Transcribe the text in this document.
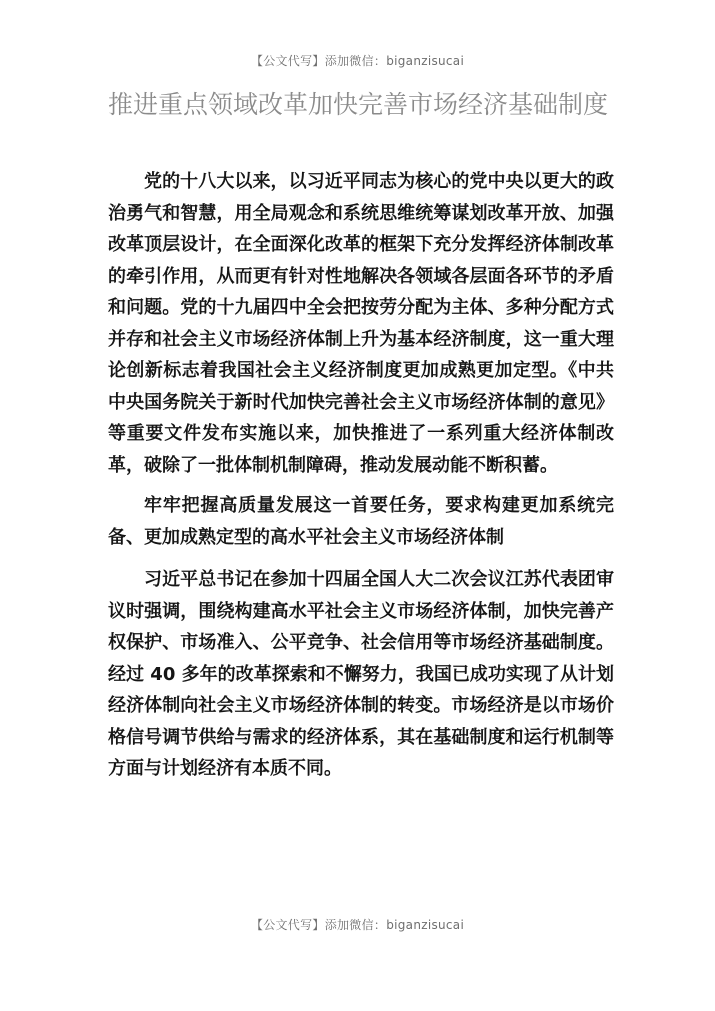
【公文代写】添加微信：biganzisucai
推进重点领域改革加快完善市场经济基础制度

党的十八大以来，以习近平同志为核心的党中央以更大的政治勇气和智慧，用全局观念和系统思维统筹谋划改革开放、加强改革顶层设计，在全面深化改革的框架下充分发挥经济体制改革的牵引作用，从而更有针对性地解决各领域各层面各环节的矛盾和问题。党的十九届四中全会把按劳分配为主体、多种分配方式并存和社会主义市场经济体制上升为基本经济制度，这一重大理论创新标志着我国社会主义经济制度更加成熟更加定型。《中共中央国务院关于新时代加快完善社会主义市场经济体制的意见》等重要文件发布实施以来，加快推进了一系列重大经济体制改革，破除了一批体制机制障碍，推动发展动能不断积蓄。

牢牢把握高质量发展这一首要任务，要求构建更加系统完备、更加成熟定型的高水平社会主义市场经济体制

习近平总书记在参加十四届全国人大二次会议江苏代表团审议时强调，围绕构建高水平社会主义市场经济体制，加快完善产权保护、市场准入、公平竞争、社会信用等市场经济基础制度。经过 40 多年的改革探索和不懈努力，我国已成功实现了从计划经济体制向社会主义市场经济体制的转变。市场经济是以市场价格信号调节供给与需求的经济体系，其在基础制度和运行机制等方面与计划经济有本质不同。

【公文代写】添加微信：biganzisucai
